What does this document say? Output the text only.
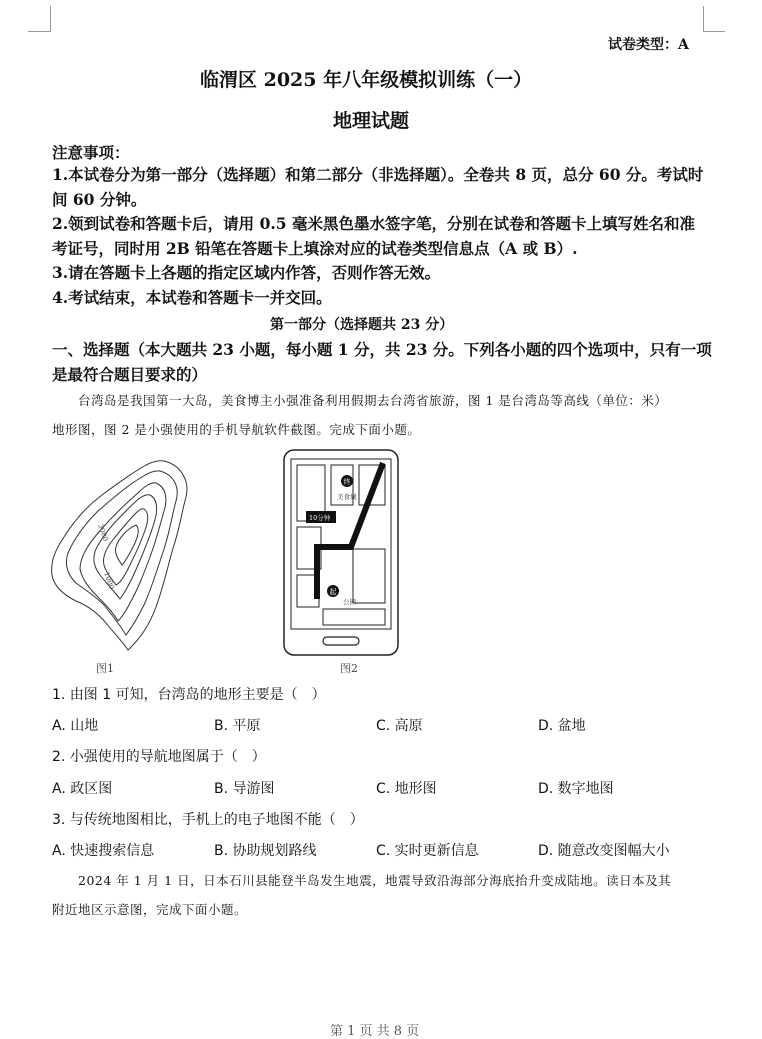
试卷类型：A
临渭区 2025 年八年级模拟训练（一）
地理试题
注意事项：
1.本试卷分为第一部分（选择题）和第二部分（非选择题）。全卷共 8 页，总分 60 分。考试时
间 60 分钟。
2.领到试卷和答题卡后，请用 0.5 毫米黑色墨水签字笔，分别在试卷和答题卡上填写姓名和准
考证号，同时用 2B 铅笔在答题卡上填涂对应的试卷类型信息点（A 或 B）.
3.请在答题卡上各题的指定区域内作答，否则作答无效。
4.考试结束，本试卷和答题卡一并交回。
第一部分（选择题共 23 分）
一、选择题（本大题共 23 小题，每小题 1 分，共 23 分。下列各小题的四个选项中，只有一项
是最符合题目要求的）
台湾岛是我国第一大岛，美食博主小强准备利用假期去台湾省旅游，图 1 是台湾岛等高线（单位：米）
地形图，图 2 是小强使用的手机导航软件截图。完成下面小题。
3000
1000
图1
终
美食城
10分钟
起
公园
图2
1. 由图 1 可知，台湾岛的地形主要是（　）
A. 山地	B. 平原	C. 高原	D. 盆地
2. 小强使用的导航地图属于（　）
A. 政区图	B. 导游图	C. 地形图	D. 数字地图
3. 与传统地图相比，手机上的电子地图不能（　）
A. 快速搜索信息	B. 协助规划路线	C. 实时更新信息	D. 随意改变图幅大小
2024 年 1 月 1 日，日本石川县能登半岛发生地震，地震导致沿海部分海底抬升变成陆地。读日本及其
附近地区示意图，完成下面小题。
第 1 页 共 8 页
